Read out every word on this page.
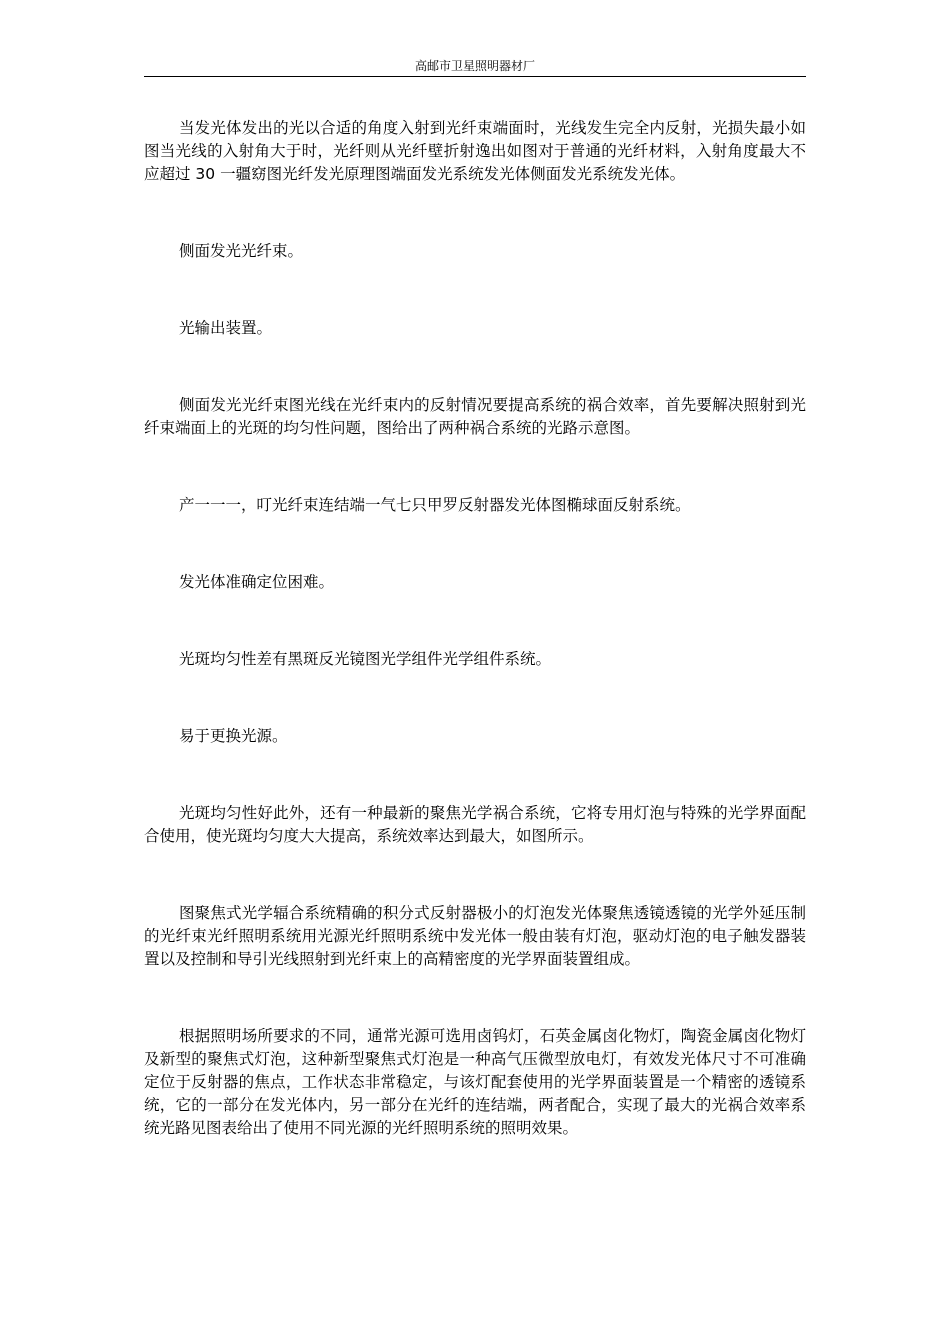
高邮市卫星照明器材厂

当发光体发出的光以合适的角度入射到光纤束端面时，光线发生完全内反射，光损失最小如图当光线的入射角大于时，光纤则从光纤壁折射逸出如图对于普通的光纤材料，入射角度最大不应超过 30 一疆窈图光纤发光原理图端面发光系统发光体侧面发光系统发光体。

侧面发光光纤束。

光输出装置。

侧面发光光纤束图光线在光纤束内的反射情况要提高系统的祸合效率，首先要解决照射到光纤束端面上的光斑的均匀性问题，图给出了两种祸合系统的光路示意图。

产一一一，叮光纤束连结端一气七只甲罗反射器发光体图椭球面反射系统。

发光体准确定位困难。

光斑均匀性差有黑斑反光镜图光学组件光学组件系统。

易于更换光源。

光斑均匀性好此外，还有一种最新的聚焦光学祸合系统，它将专用灯泡与特殊的光学界面配合使用，使光斑均匀度大大提高，系统效率达到最大，如图所示。

图聚焦式光学辐合系统精确的积分式反射器极小的灯泡发光体聚焦透镜透镜的光学外延压制的光纤束光纤照明系统用光源光纤照明系统中发光体一般由装有灯泡，驱动灯泡的电子触发器装置以及控制和导引光线照射到光纤束上的高精密度的光学界面装置组成。

根据照明场所要求的不同，通常光源可选用卤钨灯，石英金属卤化物灯，陶瓷金属卤化物灯及新型的聚焦式灯泡，这种新型聚焦式灯泡是一种高气压微型放电灯，有效发光体尺寸不可准确定位于反射器的焦点，工作状态非常稳定，与该灯配套使用的光学界面装置是一个精密的透镜系统，它的一部分在发光体内，另一部分在光纤的连结端，两者配合，实现了最大的光祸合效率系统光路见图表给出了使用不同光源的光纤照明系统的照明效果。
